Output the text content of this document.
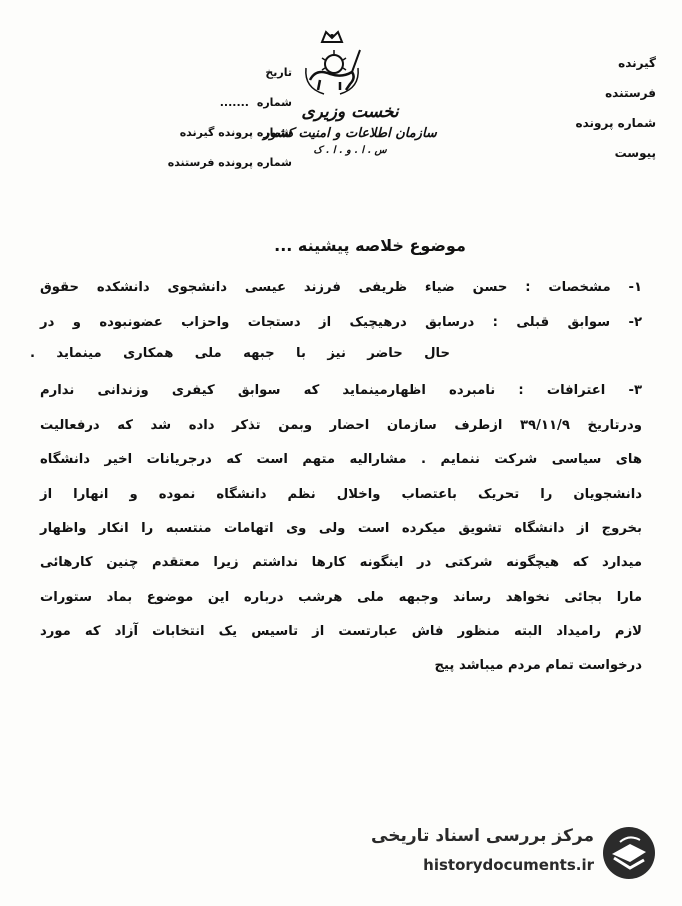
گیرنده
فرستنده
شماره پرونده
پیوست
تاریخ
شماره .......
شماره پرونده گیرنده
شماره پرونده فرستنده
نخست وزیری
سازمان اطلاعات و امنیت کشور
س . ا . و . ا . ک
موضوع خلاصه پیشینه ...
۱- مشخصات : حسن ضیاء ظریفی فرزند عیسی دانشجوی دانشکده حقوق
۲- سوابق قبلی : درسابق درهیچیک از دستجات واحزاب عضونبوده و در
حال حاضر نیز با جبهه ملی همکاری مینماید .
۳- اعترافات : نامبرده اظهارمینماید که سوابق کیفری وزندانی ندارم
ودرتاریخ ۳۹/۱۱/۹ ازطرف سازمان احضار وبمن تذکر داده شد که درفعالیت
های سیاسی شرکت ننمایم . مشارالیه متهم است که درجریانات اخیر دانشگاه
دانشجویان را تحریک باعتصاب واخلال نظم دانشگاه نموده و انهارا از
بخروج از دانشگاه تشویق میکرده است ولی وی اتهامات منتسبه را انکار واظهار
میدارد که هیچگونه شرکتی در اینگونه کارها نداشتم زیرا معتقدم چنین کارهائی
مارا بجائی نخواهد رساند وجبهه ملی هرشب درباره این موضوع بماد ستورات
لازم رامیداد البته منظور فاش عبارتست از تاسیس یک انتخابات آزاد که مورد
درخواست تمام مردم میباشد پیج
مرکز بررسی اسناد تاریخی
historydocuments.ir
